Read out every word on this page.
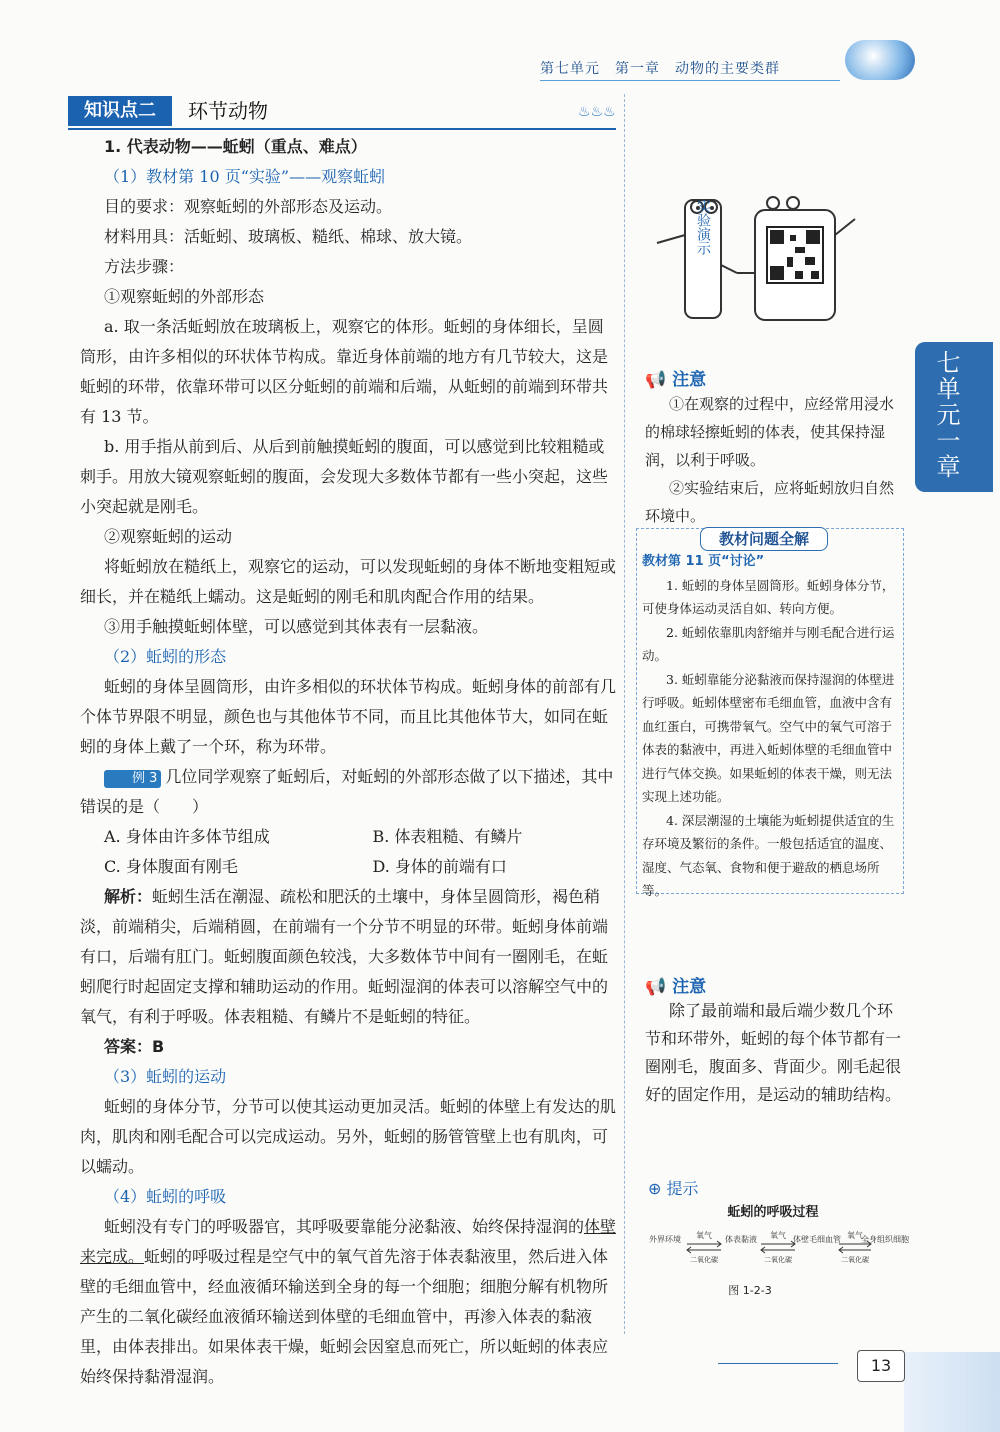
第七单元　第一章　动物的主要类群
知识点二	环节动物	♨♨♨

1. 代表动物——蚯蚓（重点、难点）

（1）教材第 10 页“实验”——观察蚯蚓

目的要求：观察蚯蚓的外部形态及运动。

材料用具：活蚯蚓、玻璃板、糙纸、棉球、放大镜。

方法步骤：

①观察蚯蚓的外部形态

a. 取一条活蚯蚓放在玻璃板上，观察它的体形。蚯蚓的身体细长，呈圆筒形，由许多相似的环状体节构成。靠近身体前端的地方有几节较大，这是蚯蚓的环带，依靠环带可以区分蚯蚓的前端和后端，从蚯蚓的前端到环带共有 13 节。

b. 用手指从前到后、从后到前触摸蚯蚓的腹面，可以感觉到比较粗糙或刺手。用放大镜观察蚯蚓的腹面，会发现大多数体节都有一些小突起，这些小突起就是刚毛。

②观察蚯蚓的运动

将蚯蚓放在糙纸上，观察它的运动，可以发现蚯蚓的身体不断地变粗短或细长，并在糙纸上蠕动。这是蚯蚓的刚毛和肌肉配合作用的结果。

③用手触摸蚯蚓体壁，可以感觉到其体表有一层黏液。

（2）蚯蚓的形态

蚯蚓的身体呈圆筒形，由许多相似的环状体节构成。蚯蚓身体的前部有几个体节界限不明显，颜色也与其他体节不同，而且比其他体节大，如同在蚯蚓的身体上戴了一个环，称为环带。

例 3 几位同学观察了蚯蚓后，对蚯蚓的外部形态做了以下描述，其中错误的是（　　）

A. 身体由许多体节组成	B. 体表粗糙、有鳞片
C. 身体腹面有刚毛	D. 身体的前端有口

解析：蚯蚓生活在潮湿、疏松和肥沃的土壤中，身体呈圆筒形，褐色稍淡，前端稍尖，后端稍圆，在前端有一个分节不明显的环带。蚯蚓身体前端有口，后端有肛门。蚯蚓腹面颜色较浅，大多数体节中间有一圈刚毛，在蚯蚓爬行时起固定支撑和辅助运动的作用。蚯蚓湿润的体表可以溶解空气中的氧气，有利于呼吸。体表粗糙、有鳞片不是蚯蚓的特征。

答案：B

（3）蚯蚓的运动

蚯蚓的身体分节，分节可以使其运动更加灵活。蚯蚓的体壁上有发达的肌肉，肌肉和刚毛配合可以完成运动。另外，蚯蚓的肠管管壁上也有肌肉，可以蠕动。

（4）蚯蚓的呼吸

蚯蚓没有专门的呼吸器官，其呼吸要靠能分泌黏液、始终保持湿润的体壁来完成。蚯蚓的呼吸过程是空气中的氧气首先溶于体表黏液里，然后进入体壁的毛细血管中，经血液循环输送到全身的每一个细胞；细胞分解有机物所产生的二氧化碳经血液循环输送到体壁的毛细血管中，再渗入体表的黏液里，由体表排出。如果体表干燥，蚯蚓会因窒息而死亡，所以蚯蚓的体表应始终保持黏滑湿润。

实验演示
七单元
一章
📢 注意

①在观察的过程中，应经常用浸水的棉球轻擦蚯蚓的体表，使其保持湿润，以利于呼吸。

②实验结束后，应将蚯蚓放归自然环境中。

教材问题全解

教材第 11 页“讨论”

1. 蚯蚓的身体呈圆筒形。蚯蚓身体分节，可使身体运动灵活自如、转向方便。

2. 蚯蚓依靠肌肉舒缩并与刚毛配合进行运动。

3. 蚯蚓靠能分泌黏液而保持湿润的体壁进行呼吸。蚯蚓体壁密布毛细血管，血液中含有血红蛋白，可携带氧气。空气中的氧气可溶于体表的黏液中，再进入蚯蚓体壁的毛细血管中进行气体交换。如果蚯蚓的体表干燥，则无法实现上述功能。

4. 深层潮湿的土壤能为蚯蚓提供适宜的生存环境及繁衍的条件。一般包括适宜的温度、湿度、气态氧、食物和便于避敌的栖息场所等。

📢 注意

除了最前端和最后端少数几个环节和环带外，蚯蚓的每个体节都有一圈刚毛，腹面多、背面少。刚毛起很好的固定作用，是运动的辅助结构。

⊕ 提示
蚯蚓的呼吸过程
外界环境	体表黏液	体壁毛细血管	全身组织细胞
氧气	氧气	氧气
二氧化碳	二氧化碳	二氧化碳
图 1-2-3
13
